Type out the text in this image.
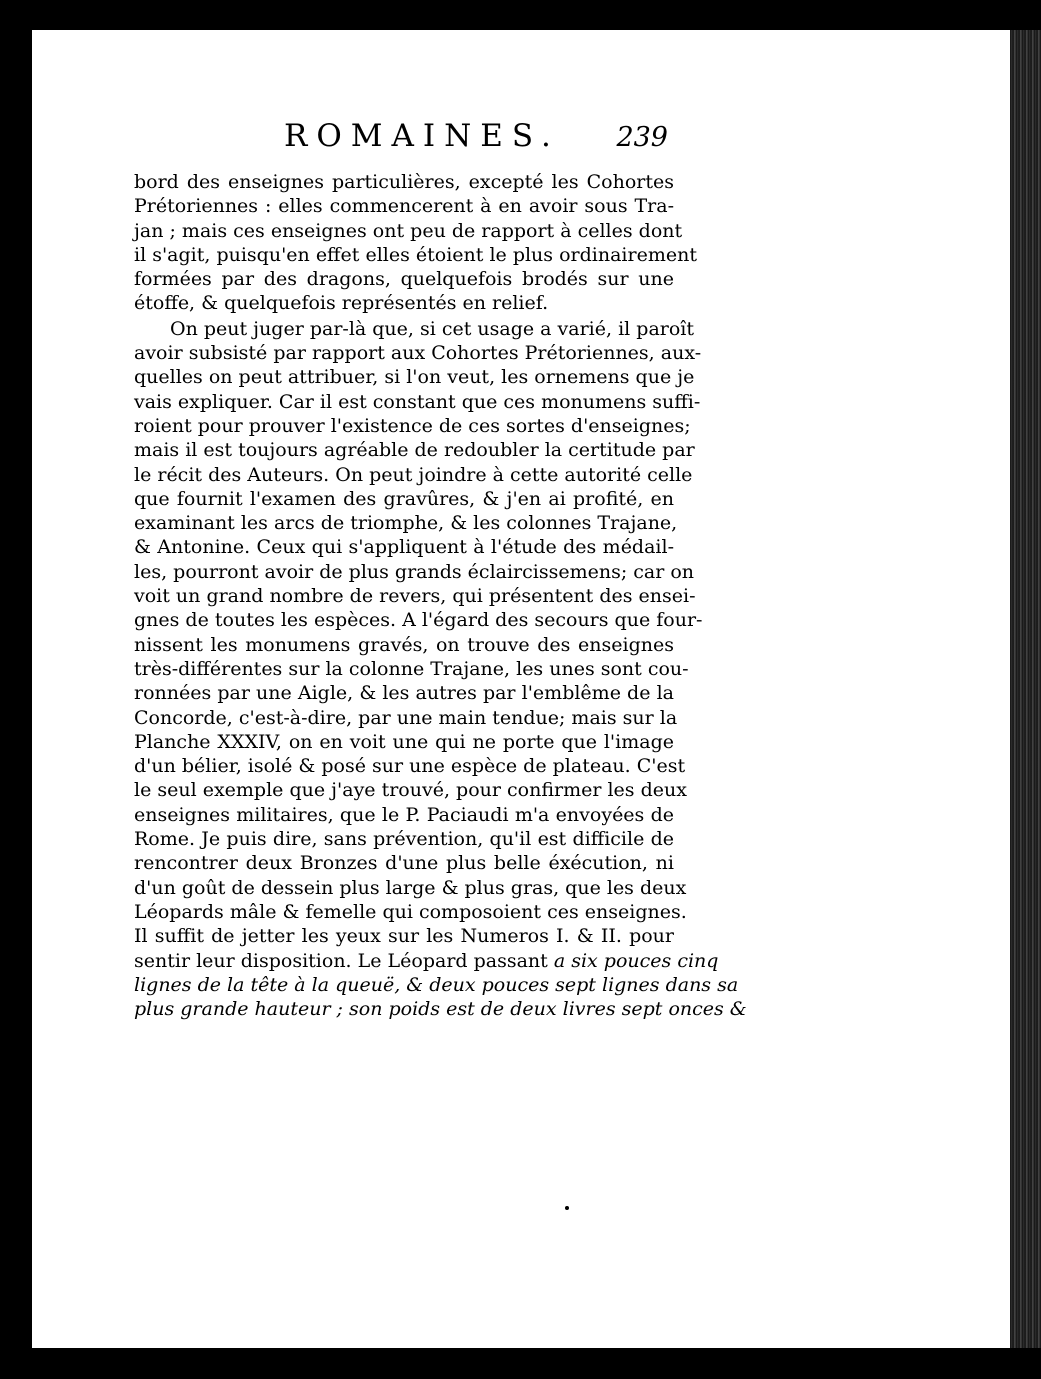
ROMAINES. 239
bord des enseignes particulières, excepté les Cohortes
Prétoriennes : elles commencerent à en avoir sous Tra-
jan ; mais ces enseignes ont peu de rapport à celles dont
il s'agit, puisqu'en effet elles étoient le plus ordinairement
formées par des dragons, quelquefois brodés sur une
étoffe, & quelquefois représentés en relief.
On peut juger par-là que, si cet usage a varié, il paroît
avoir subsisté par rapport aux Cohortes Prétoriennes, aux-
quelles on peut attribuer, si l'on veut, les ornemens que je
vais expliquer. Car il est constant que ces monumens suffi-
roient pour prouver l'existence de ces sortes d'enseignes;
mais il est toujours agréable de redoubler la certitude par
le récit des Auteurs. On peut joindre à cette autorité celle
que fournit l'examen des gravûres, & j'en ai profité, en
examinant les arcs de triomphe, & les colonnes Trajane,
& Antonine. Ceux qui s'appliquent à l'étude des médail-
les, pourront avoir de plus grands éclaircissemens; car on
voit un grand nombre de revers, qui présentent des ensei-
gnes de toutes les espèces. A l'égard des secours que four-
nissent les monumens gravés, on trouve des enseignes
très-différentes sur la colonne Trajane, les unes sont cou-
ronnées par une Aigle, & les autres par l'emblême de la
Concorde, c'est-à-dire, par une main tendue; mais sur la
Planche XXXIV, on en voit une qui ne porte que l'image
d'un bélier, isolé & posé sur une espèce de plateau. C'est
le seul exemple que j'aye trouvé, pour confirmer les deux
enseignes militaires, que le P. Paciaudi m'a envoyées de
Rome. Je puis dire, sans prévention, qu'il est difficile de
rencontrer deux Bronzes d'une plus belle éxécution, ni
d'un goût de dessein plus large & plus gras, que les deux
Léopards mâle & femelle qui composoient ces enseignes.
Il suffit de jetter les yeux sur les Numeros I. & II. pour
sentir leur disposition. Le Léopard passant a six pouces cinq
lignes de la tête à la queuë, & deux pouces sept lignes dans sa
plus grande hauteur ; son poids est de deux livres sept onces &
